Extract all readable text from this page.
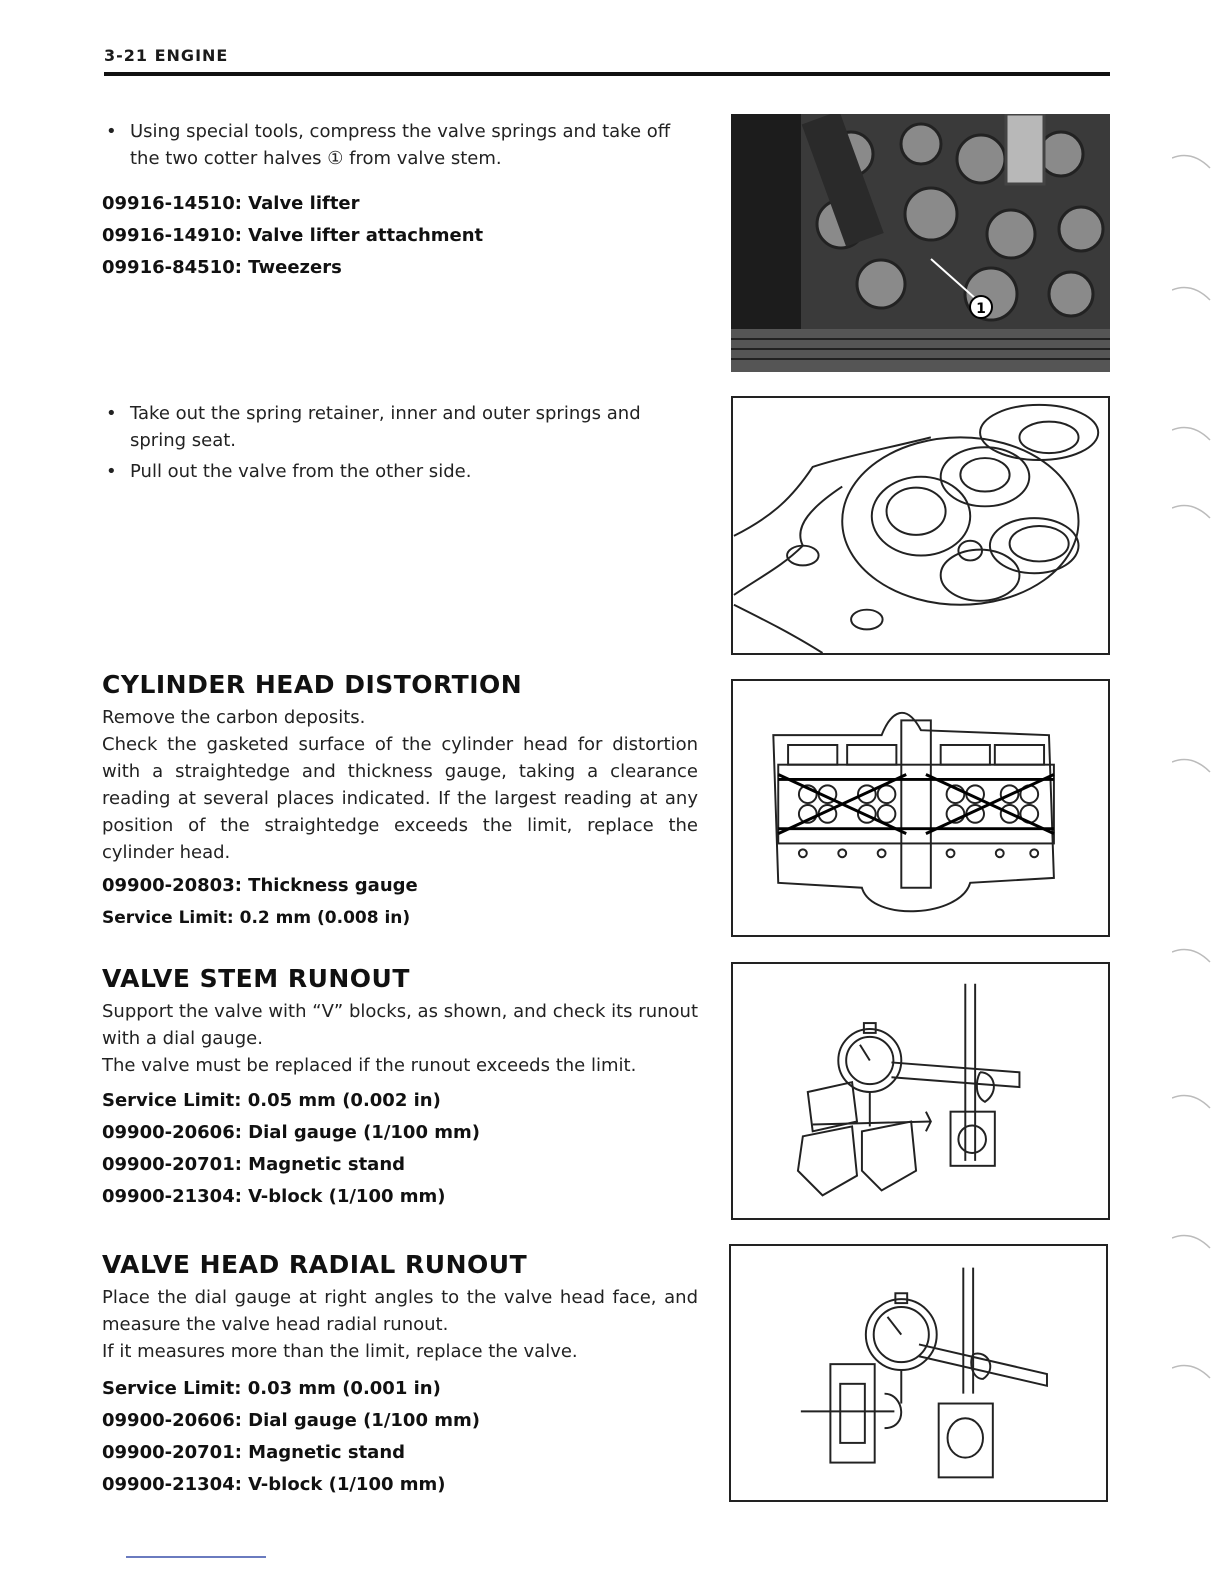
3-21 ENGINE
• Using special tools, compress the valve springs and take off the two cotter halves ① from valve stem.
09916-14510: Valve lifter
09916-14910: Valve lifter attachment
09916-84510: Tweezers
1
• Take out the spring retainer, inner and outer springs and spring seat.
• Pull out the valve from the other side.
CYLINDER HEAD DISTORTION
Remove the carbon deposits.
Check the gasketed surface of the cylinder head for distortion with a straightedge and thickness gauge, taking a clearance reading at several places indicated. If the largest reading at any position of the straightedge exceeds the limit, replace the cylinder head.
09900-20803: Thickness gauge
Service Limit: 0.2 mm (0.008 in)
VALVE STEM RUNOUT
Support the valve with “V” blocks, as shown, and check its runout with a dial gauge.
The valve must be replaced if the runout exceeds the limit.
Service Limit: 0.05 mm (0.002 in)
09900-20606: Dial gauge (1/100 mm)
09900-20701: Magnetic stand
09900-21304: V-block (1/100 mm)
VALVE HEAD RADIAL RUNOUT
Place the dial gauge at right angles to the valve head face, and measure the valve head radial runout.
If it measures more than the limit, replace the valve.
Service Limit: 0.03 mm (0.001 in)
09900-20606: Dial gauge (1/100 mm)
09900-20701: Magnetic stand
09900-21304: V-block (1/100 mm)
